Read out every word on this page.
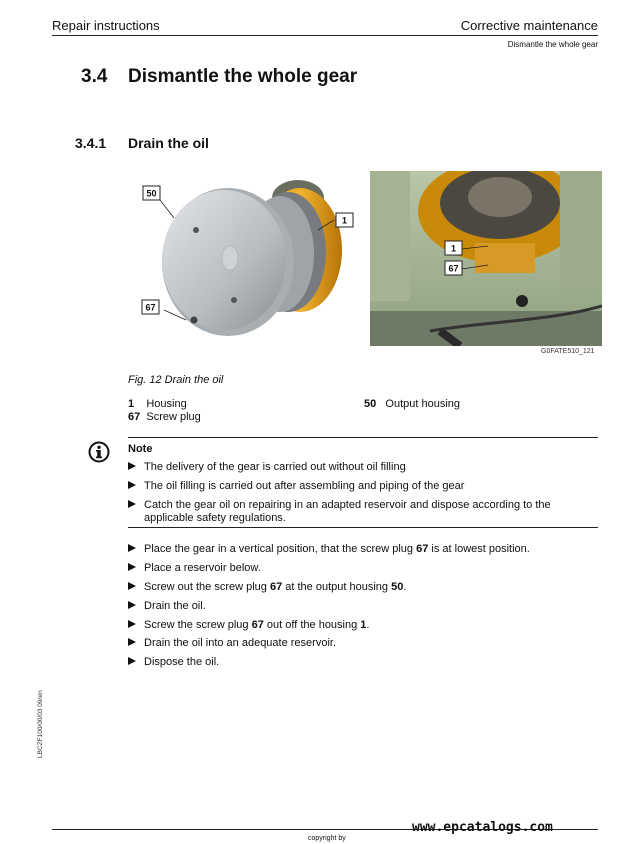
Repair instructions	Corrective maintenance
Dismantle the whole gear
3.4 Dismantle the whole gear
3.4.1 Drain the oil
50
1
67
1
67
G0FATE510_121
Fig. 12 Drain the oil
1 Housing
67 Screw plug
50 Output housing
Note
The delivery of the gear is carried out without oil filling
The oil filling is carried out after assembling and piping of the gear
Catch the gear oil on repairing in an adapted reservoir and dispose according to the applicable safety regulations.
Place the gear in a vertical position, that the screw plug 67 is at lowest position.
Place a reservoir below.
Screw out the screw plug 67 at the output housing 50.
Drain the oil.
Screw the screw plug 67 out off the housing 1.
Drain the oil into an adequate reservoir.
Dispose the oil.
LBCZF100/00/03 09/en
copyright by
www.epcatalogs.com
